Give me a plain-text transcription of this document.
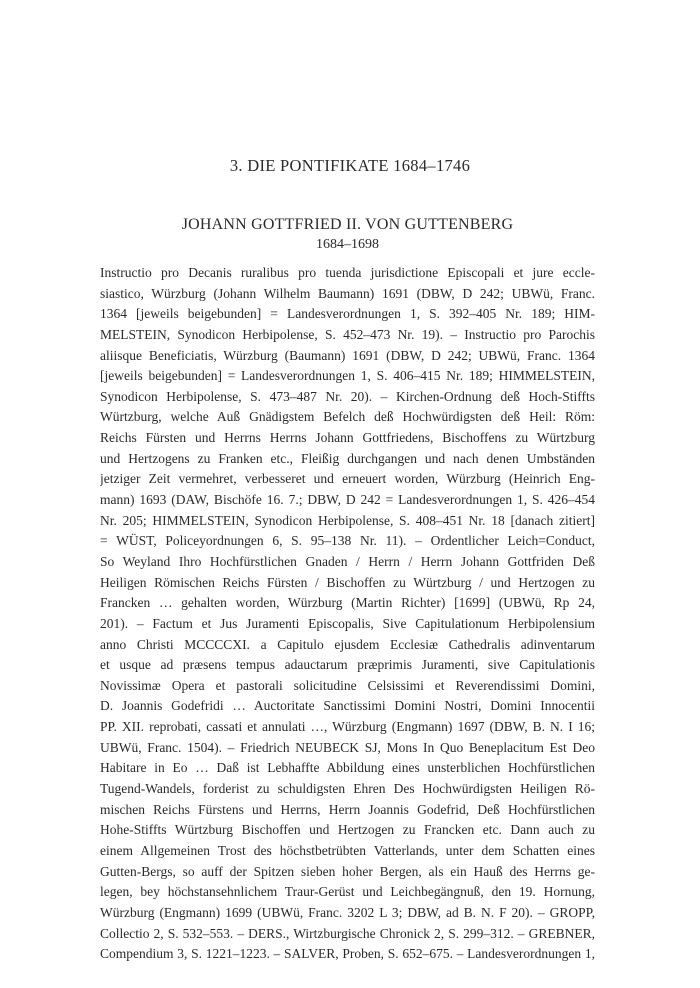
3. DIE PONTIFIKATE 1684–1746
JOHANN GOTTFRIED II. VON GUTTENBERG
1684–1698
Instructio pro Decanis ruralibus pro tuenda jurisdictione Episcopali et jure eccle-
siastico, Würzburg (Johann Wilhelm Baumann) 1691 (DBW, D 242; UBWü, Franc.
1364 [jeweils beigebunden] = Landesverordnungen 1, S. 392–405 Nr. 189; HIM-
MELSTEIN, Synodicon Herbipolense, S. 452–473 Nr. 19). – Instructio pro Parochis
aliisque Beneficiatis, Würzburg (Baumann) 1691 (DBW, D 242; UBWü, Franc. 1364
[jeweils beigebunden] = Landesverordnungen 1, S. 406–415 Nr. 189; HIMMELSTEIN,
Synodicon Herbipolense, S. 473–487 Nr. 20). – Kirchen-Ordnung deß Hoch-Stiffts
Würtzburg, welche Auß Gnädigstem Befelch deß Hochwürdigsten deß Heil: Röm:
Reichs Fürsten und Herrns Herrns Johann Gottfriedens, Bischoffens zu Würtzburg
und Hertzogens zu Franken etc., Fleißig durchgangen und nach denen Umbständen
jetziger Zeit vermehret, verbesseret und erneuert worden, Würzburg (Heinrich Eng-
mann) 1693 (DAW, Bischöfe 16. 7.; DBW, D 242 = Landesverordnungen 1, S. 426–454
Nr. 205; HIMMELSTEIN, Synodicon Herbipolense, S. 408–451 Nr. 18 [danach zitiert]
= WÜST, Policeyordnungen 6, S. 95–138 Nr. 11). – Ordentlicher Leich=Conduct,
So Weyland Ihro Hochfürstlichen Gnaden / Herrn / Herrn Johann Gottfriden Deß
Heiligen Römischen Reichs Fürsten / Bischoffen zu Würtzburg / und Hertzogen zu
Francken … gehalten worden, Würzburg (Martin Richter) [1699] (UBWü, Rp 24,
201). – Factum et Jus Juramenti Episcopalis, Sive Capitulationum Herbipolensium
anno Christi MCCCCXI. a Capitulo ejusdem Ecclesiæ Cathedralis adinventarum
et usque ad præsens tempus adauctarum præprimis Juramenti, sive Capitulationis
Novissimæ Opera et pastorali solicitudine Celsissimi et Reverendissimi Domini,
D. Joannis Godefridi … Auctoritate Sanctissimi Domini Nostri, Domini Innocentii
PP. XII. reprobati, cassati et annulati …, Würzburg (Engmann) 1697 (DBW, B. N. I 16;
UBWü, Franc. 1504). – Friedrich NEUBECK SJ, Mons In Quo Beneplacitum Est Deo
Habitare in Eo … Daß ist Lebhaffte Abbildung eines unsterblichen Hochfürstlichen
Tugend-Wandels, forderist zu schuldigsten Ehren Des Hochwürdigsten Heiligen Rö-
mischen Reichs Fürstens und Herrns, Herrn Joannis Godefrid, Deß Hochfürstlichen
Hohe-Stiffts Würtzburg Bischoffen und Hertzogen zu Francken etc. Dann auch zu
einem Allgemeinen Trost des höchstbetrübten Vatterlands, unter dem Schatten eines
Gutten-Bergs, so auff der Spitzen sieben hoher Bergen, als ein Hauß des Herrns ge-
legen, bey höchstansehnlichem Traur-Gerüst und Leichbegängnuß, den 19. Hornung,
Würzburg (Engmann) 1699 (UBWü, Franc. 3202 L 3; DBW, ad B. N. F 20). – GROPP,
Collectio 2, S. 532–553. – DERS., Wirtzburgische Chronick 2, S. 299–312. – GREBNER,
Compendium 3, S. 1221–1223. – SALVER, Proben, S. 652–675. – Landesverordnungen 1,
